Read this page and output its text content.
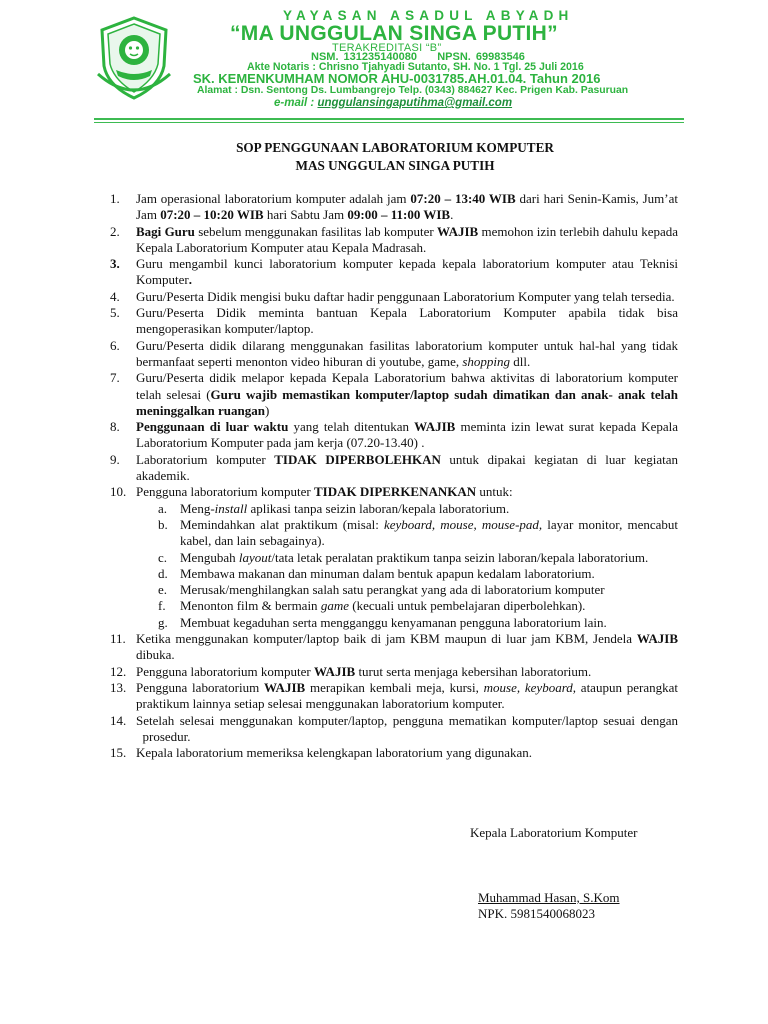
YAYASAN ASADUL ABYADH
“MA UNGGULAN SINGA PUTIH”
TERAKREDITASI “B”
NSM. 131235140080 NPSN. 69983546
Akte Notaris : Chrisno Tjahyadi Sutanto, SH. No. 1 Tgl. 25 Juli 2016
SK. KEMENKUMHAM NOMOR AHU-0031785.AH.01.04. Tahun 2016
Alamat : Dsn. Sentong Ds. Lumbangrejo Telp. (0343) 884627 Kec. Prigen Kab. Pasuruan
e-mail : unggulansingaputihma@gmail.com
SOP PENGGUNAAN LABORATORIUM KOMPUTER
MAS UNGGULAN SINGA PUTIH
1.	Jam operasional laboratorium komputer adalah jam 07:20 – 13:40 WIB dari hari Senin-Kamis, Jum’at Jam 07:20 – 10:20 WIB hari Sabtu Jam 09:00 – 11:00 WIB.
2.	Bagi Guru sebelum menggunakan fasilitas lab komputer WAJIB memohon izin terlebih dahulu kepada Kepala Laboratorium Komputer atau Kepala Madrasah.
3.	Guru mengambil kunci laboratorium komputer kepada kepala laboratorium komputer atau Teknisi Komputer.
4.	Guru/Peserta Didik mengisi buku daftar hadir penggunaan Laboratorium Komputer yang telah tersedia.
5.	Guru/Peserta Didik meminta bantuan Kepala Laboratorium Komputer apabila tidak bisa mengoperasikan komputer/laptop.
6.	Guru/Peserta didik dilarang menggunakan fasilitas laboratorium komputer untuk hal-hal yang tidak bermanfaat seperti menonton video hiburan di youtube, game, shopping dll.
7.	Guru/Peserta didik melapor kepada Kepala Laboratorium bahwa aktivitas di laboratorium komputer telah selesai (Guru wajib memastikan komputer/laptop sudah dimatikan dan anak- anak telah meninggalkan ruangan)
8.	Penggunaan di luar waktu yang telah ditentukan WAJIB meminta izin lewat surat kepada Kepala Laboratorium Komputer pada jam kerja (07.20-13.40) .
9.	Laboratorium komputer TIDAK DIPERBOLEHKAN untuk dipakai kegiatan di luar kegiatan akademik.
10. Pengguna laboratorium komputer TIDAK DIPERKENANKAN untuk:
a. Meng-install aplikasi tanpa seizin laboran/kepala laboratorium.
b. Memindahkan alat praktikum (misal: keyboard, mouse, mouse-pad, layar monitor, mencabut kabel, dan lain sebagainya).
c. Mengubah layout/tata letak peralatan praktikum tanpa seizin laboran/kepala laboratorium.
d. Membawa makanan dan minuman dalam bentuk apapun kedalam laboratorium.
e. Merusak/menghilangkan salah satu perangkat yang ada di laboratorium komputer
f. Menonton film & bermain game (kecuali untuk pembelajaran diperbolehkan).
g. Membuat kegaduhan serta mengganggu kenyamanan pengguna laboratorium lain.
11. Ketika menggunakan komputer/laptop baik di jam KBM maupun di luar jam KBM, Jendela WAJIB dibuka.
12. Pengguna laboratorium komputer WAJIB turut serta menjaga kebersihan laboratorium.
13. Pengguna laboratorium WAJIB merapikan kembali meja, kursi, mouse, keyboard, ataupun perangkat praktikum lainnya setiap selesai menggunakan laboratorium komputer.
14. Setelah selesai menggunakan komputer/laptop, pengguna mematikan komputer/laptop sesuai dengan   prosedur.
15. Kepala laboratorium memeriksa kelengkapan laboratorium yang digunakan.
Kepala Laboratorium Komputer
Muhammad Hasan, S.Kom
NPK. 5981540068023
